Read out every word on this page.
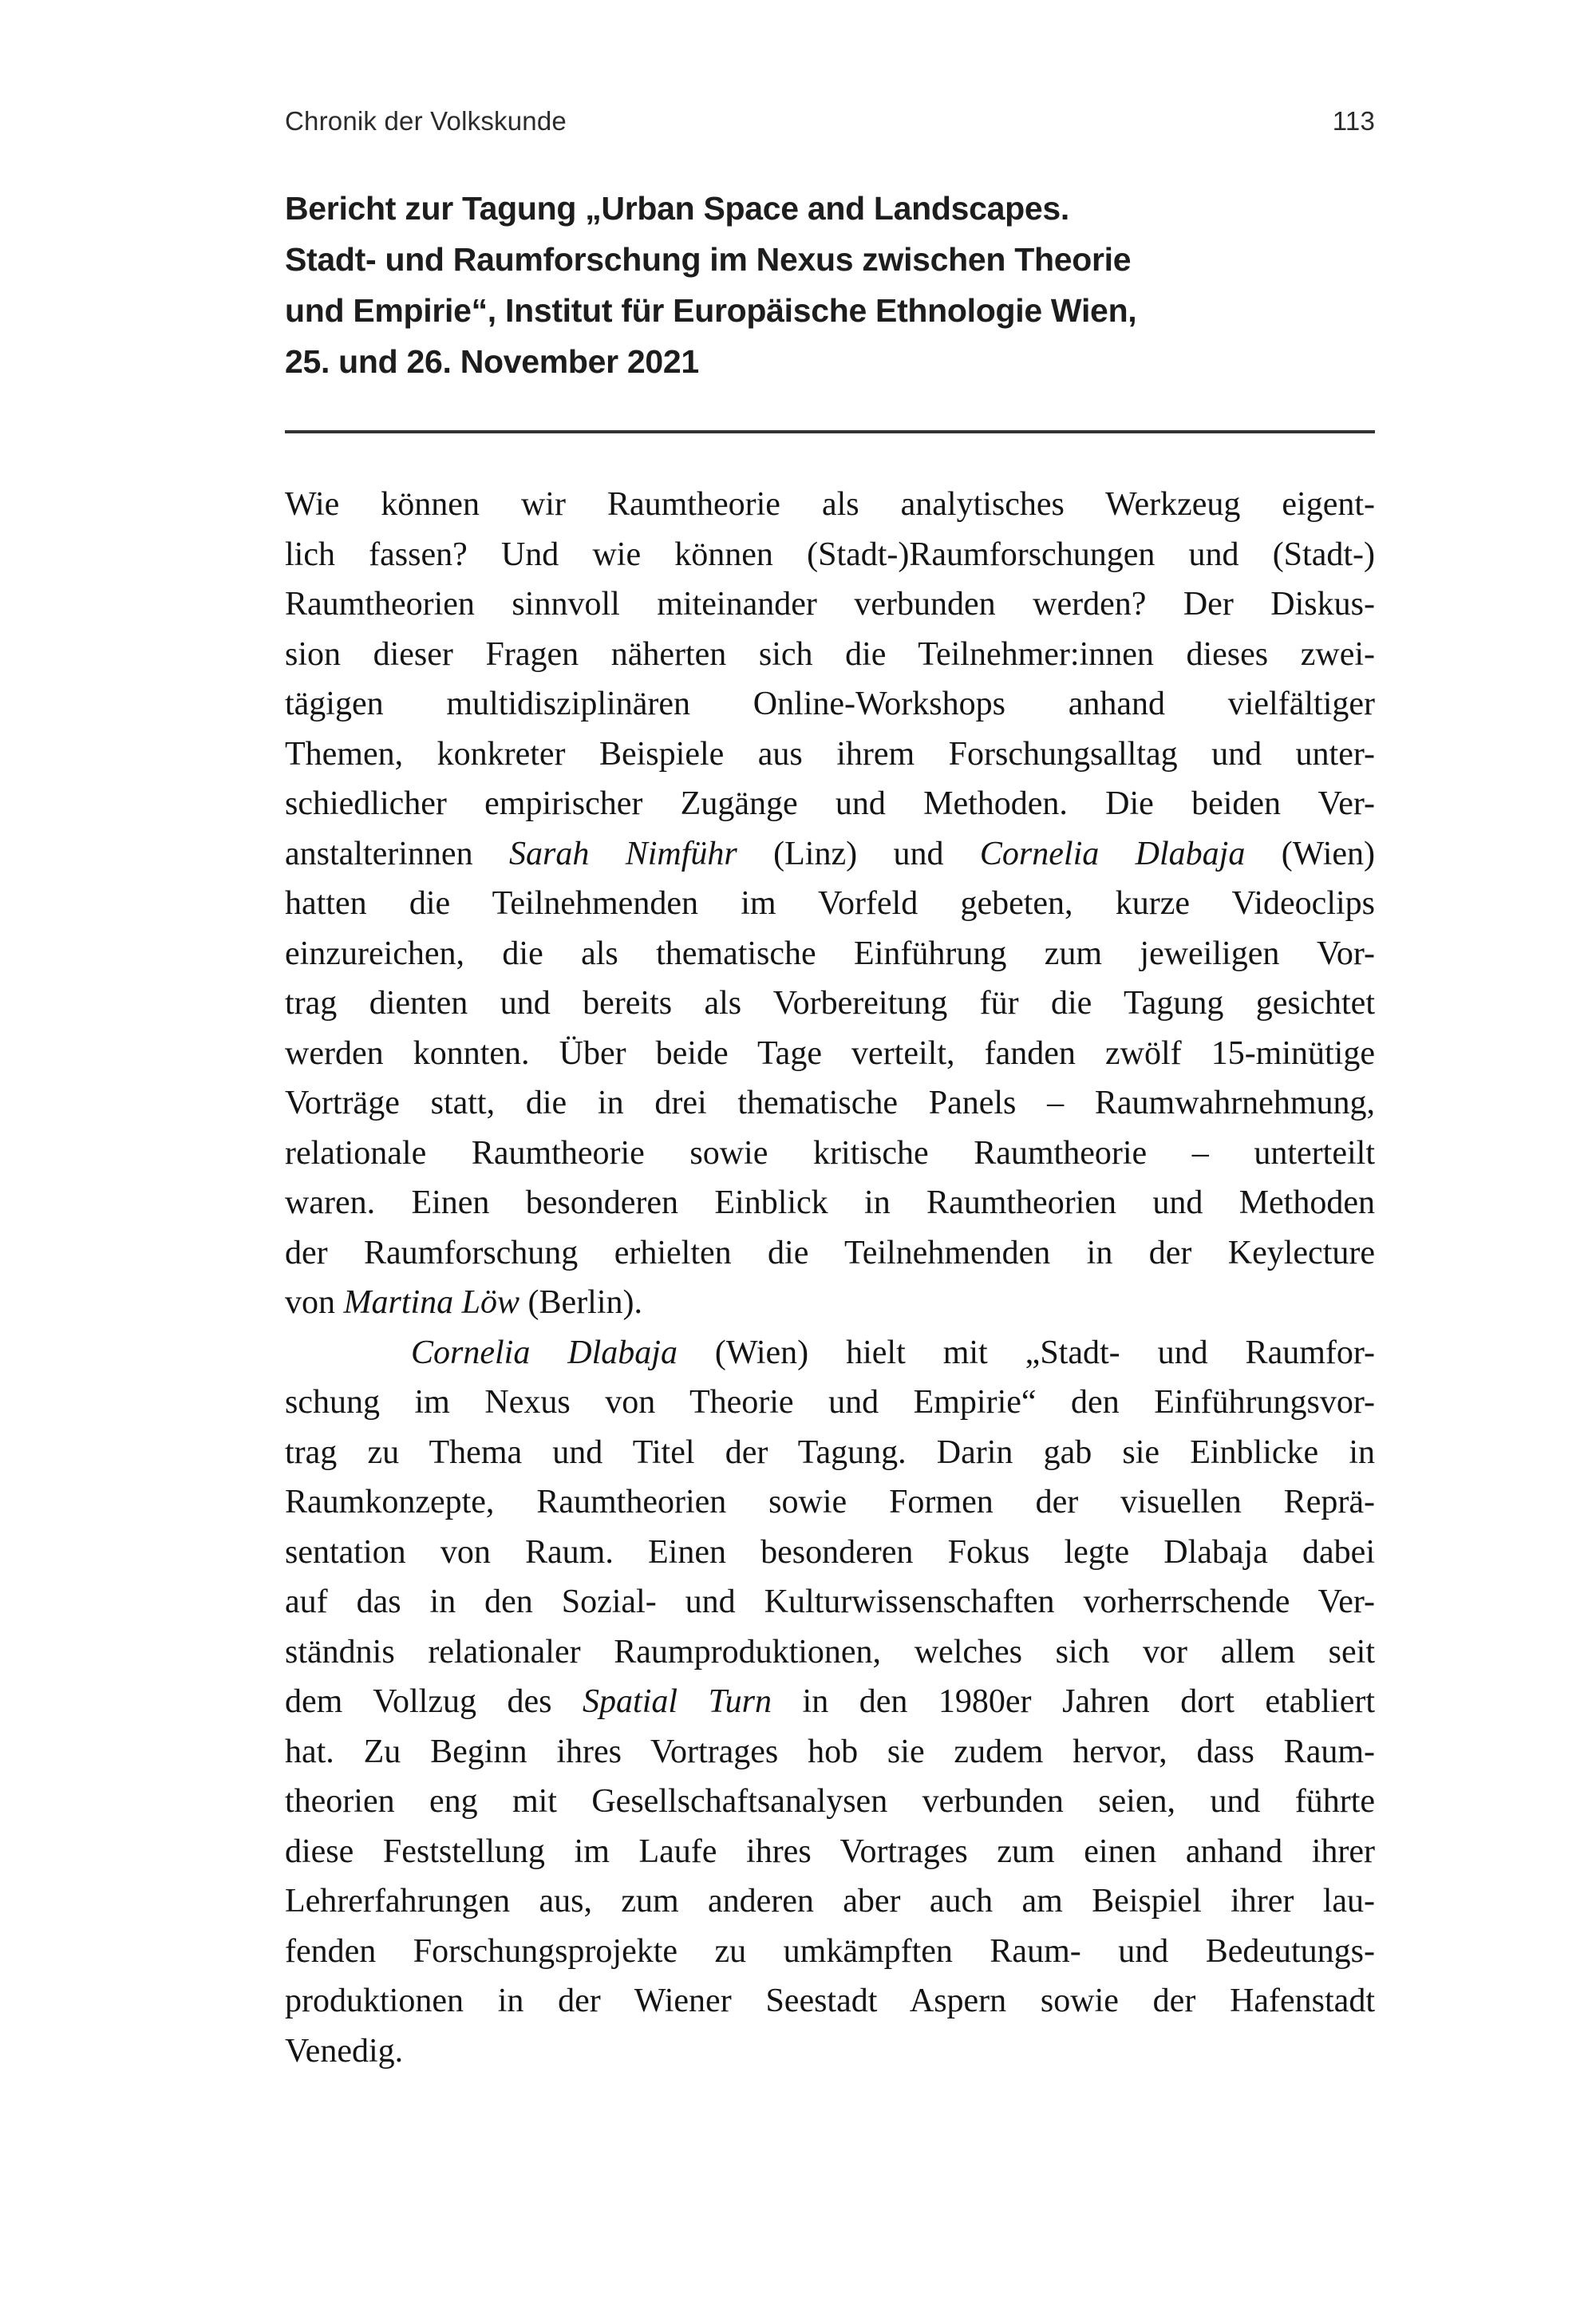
Chronik der Volkskunde	113
Bericht zur Tagung „Urban Space and Landscapes.
Stadt- und Raumforschung im Nexus zwischen Theorie
und Empirie“, Institut für Europäische Ethnologie Wien,
25. und 26. November 2021
Wie können wir Raumtheorie als analytisches Werkzeug eigent-
lich fassen? Und wie können (Stadt-)Raumforschungen und (Stadt-)
Raumtheorien sinnvoll miteinander verbunden werden? Der Diskus-
sion dieser Fragen näherten sich die Teilnehmer:innen dieses zwei-
tägigen multidisziplinären Online-Workshops anhand vielfältiger
Themen, konkreter Beispiele aus ihrem Forschungsalltag und unter-
schiedlicher empirischer Zugänge und Methoden. Die beiden Ver-
anstalterinnen Sarah Nimführ (Linz) und Cornelia Dlabaja (Wien)
hatten die Teilnehmenden im Vorfeld gebeten, kurze Videoclips
einzureichen, die als thematische Einführung zum jeweiligen Vor-
trag dienten und bereits als Vorbereitung für die Tagung gesichtet
werden konnten. Über beide Tage verteilt, fanden zwölf 15-minütige
Vorträge statt, die in drei thematische Panels – Raumwahrnehmung,
relationale Raumtheorie sowie kritische Raumtheorie – unterteilt
waren. Einen besonderen Einblick in Raumtheorien und Methoden
der Raumforschung erhielten die Teilnehmenden in der Keylecture
von Martina Löw (Berlin).
Cornelia Dlabaja (Wien) hielt mit „Stadt- und Raumfor-
schung im Nexus von Theorie und Empirie“ den Einführungsvor-
trag zu Thema und Titel der Tagung. Darin gab sie Einblicke in
Raumkonzepte, Raumtheorien sowie Formen der visuellen Reprä-
sentation von Raum. Einen besonderen Fokus legte Dlabaja dabei
auf das in den Sozial- und Kulturwissenschaften vorherrschende Ver-
ständnis relationaler Raumproduktionen, welches sich vor allem seit
dem Vollzug des Spatial Turn in den 1980er Jahren dort etabliert
hat. Zu Beginn ihres Vortrages hob sie zudem hervor, dass Raum-
theorien eng mit Gesellschaftsanalysen verbunden seien, und führte
diese Feststellung im Laufe ihres Vortrages zum einen anhand ihrer
Lehrerfahrungen aus, zum anderen aber auch am Beispiel ihrer lau-
fenden Forschungsprojekte zu umkämpften Raum- und Bedeutungs-
produktionen in der Wiener Seestadt Aspern sowie der Hafenstadt
Venedig.
